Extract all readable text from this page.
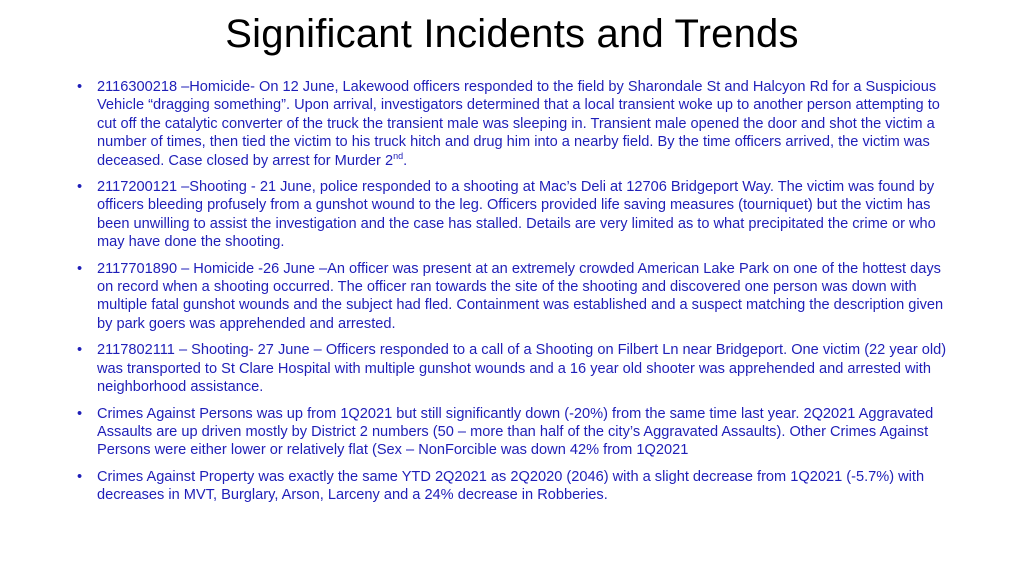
Significant Incidents and Trends
• 2116300218 –Homicide- On 12 June, Lakewood officers responded to the field by Sharondale St and Halcyon Rd for a Suspicious Vehicle “dragging something”. Upon arrival, investigators determined that a local transient woke up to another person attempting to cut off the catalytic converter of the truck the transient male was sleeping in. Transient male opened the door and shot the victim a number of times, then tied the victim to his truck hitch and drug him into a nearby field. By the time officers arrived, the victim was deceased. Case closed by arrest for Murder 2nd.
• 2117200121 –Shooting - 21 June, police responded to a shooting at Mac’s Deli at 12706 Bridgeport Way. The victim was found by officers bleeding profusely from a gunshot wound to the leg. Officers provided life saving measures (tourniquet) but the victim has been unwilling to assist the investigation and the case has stalled. Details are very limited as to what precipitated the crime or who may have done the shooting.
• 2117701890 – Homicide -26 June –An officer was present at an extremely crowded American Lake Park on one of the hottest days on record when a shooting occurred. The officer ran towards the site of the shooting and discovered one person was down with multiple fatal gunshot wounds and the subject had fled. Containment was established and a suspect matching the description given by park goers was apprehended and arrested.
• 2117802111 – Shooting- 27 June – Officers responded to a call of a Shooting on Filbert Ln near Bridgeport. One victim (22 year old) was transported to St Clare Hospital with multiple gunshot wounds and a 16 year old shooter was apprehended and arrested with neighborhood assistance.
• Crimes Against Persons was up from 1Q2021 but still significantly down (-20%) from the same time last year. 2Q2021 Aggravated Assaults are up driven mostly by District 2 numbers (50 – more than half of the city’s Aggravated Assaults). Other Crimes Against Persons were either lower or relatively flat (Sex – NonForcible was down 42% from 1Q2021
• Crimes Against Property was exactly the same YTD 2Q2021 as 2Q2020 (2046) with a slight decrease from 1Q2021 (-5.7%) with decreases in MVT, Burglary, Arson, Larceny and a 24% decrease in Robberies.
